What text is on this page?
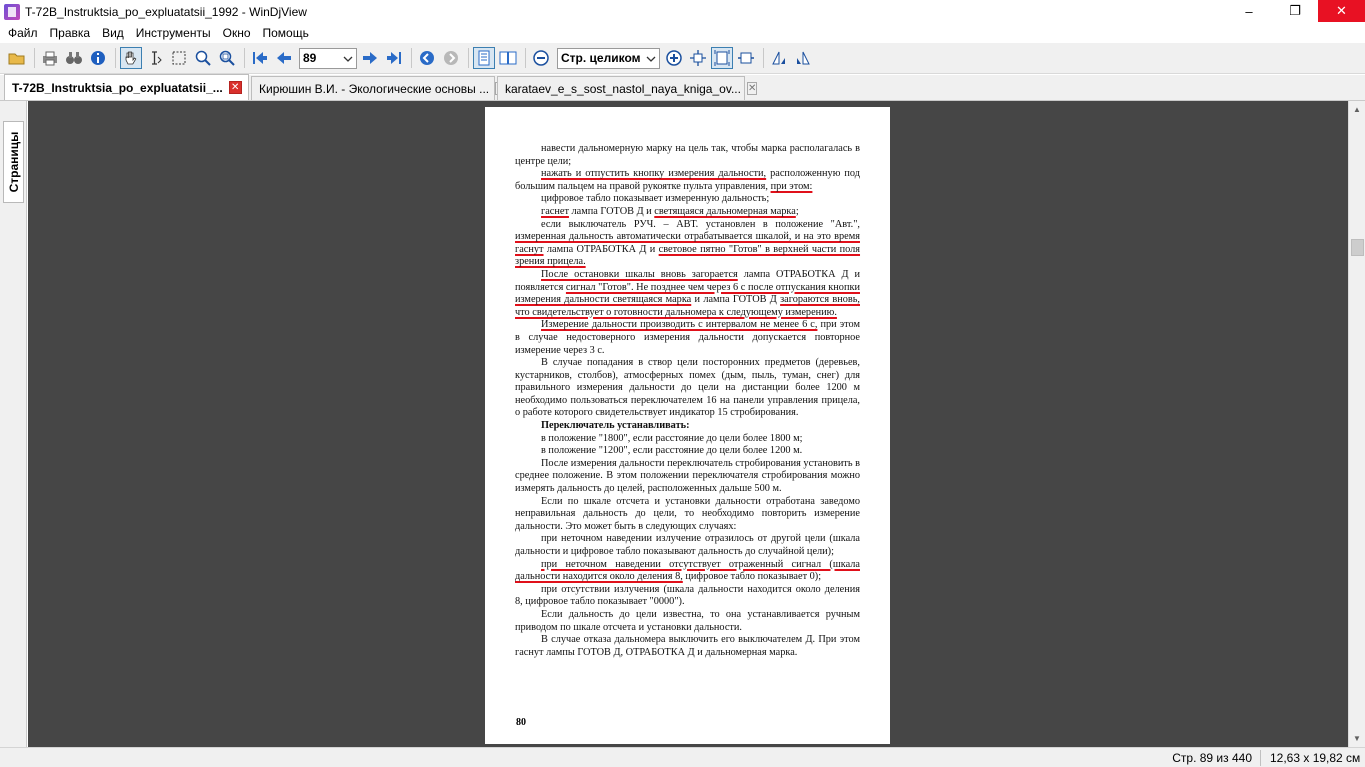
T-72B_Instruktsia_po_expluatatsii_1992 - WinDjView	–	❐	✕
Файл	Правка	Вид	Инструменты	Окно	Помощь
89	Стр. целиком
T-72B_Instruktsia_po_expluatatsii_... ✕ Кирюшин В.И. - Экологические основы ... karataev_e_s_sost_nastol_naya_kniga_ov... ✕
Страницы	навести дальномерную марку на цель так, чтобы марка располагалась в центре цели;

нажать и отпустить кнопку измерения дальности, расположенную под большим пальцем на правой рукоятке пульта управления, при этом:

цифровое табло показывает измеренную дальность;

гаснет лампа ГОТОВ Д и светящаяся дальномерная марка;

если выключатель РУЧ. – АВТ. установлен в положение "Авт.", измеренная дальность автоматически отрабатывается шкалой, и на это время гаснут лампа ОТРАБОТКА Д и световое пятно "Готов" в верхней части поля зрения прицела.

После остановки шкалы вновь загорается лампа ОТРАБОТКА Д и появляется сигнал "Готов". Не позднее чем через 6 с после отпускания кнопки измерения дальности светящаяся марка и лампа ГОТОВ Д загораются вновь, что свидетельствует о готовности дальномера к следующему измерению.

Измерение дальности производить с интервалом не менее 6 с, при этом в случае недостоверного измерения дальности допускается повторное измерение через 3 с.

В случае попадания в створ цели посторонних предметов (деревьев, кустарников, столбов), атмосферных помех (дым, пыль, туман, снег) для правильного измерения дальности до цели на дистанции более 1200 м необходимо пользоваться переключателем 16 на панели управления прицела, о работе которого свидетельствует индикатор 15 стробирования.

Переключатель устанавливать:

в положение "1800", если расстояние до цели более 1800 м;

в положение "1200", если расстояние до цели более 1200 м.

После измерения дальности переключатель стробирования установить в среднее положение. В этом положении переключателя стробирования можно измерять дальность до целей, расположенных дальше 500 м.

Если по шкале отсчета и установки дальности отработана заведомо неправильная дальность до цели, то необходимо повторить измерение дальности. Это может быть в следующих случаях:

при неточном наведении излучение отразилось от другой цели (шкала дальности и цифровое табло показывают дальность до случайной цели);

при неточном наведении отсутствует отраженный сигнал (шкала дальности находится около деления 8, цифровое табло показывает 0);

при отсутствии излучения (шкала дальности находится около деления 8, цифровое табло показывает "0000").

Если дальность до цели известна, то она устанавливается ручным приводом по шкале отсчета и установки дальности.

В случае отказа дальномера выключить его выключателем Д. При этом гаснут лампы ГОТОВ Д, ОТРАБОТКА Д и дальномерная марка.

80
▲
▼
Стр. 89 из 440 12,63 x 19,82 см
